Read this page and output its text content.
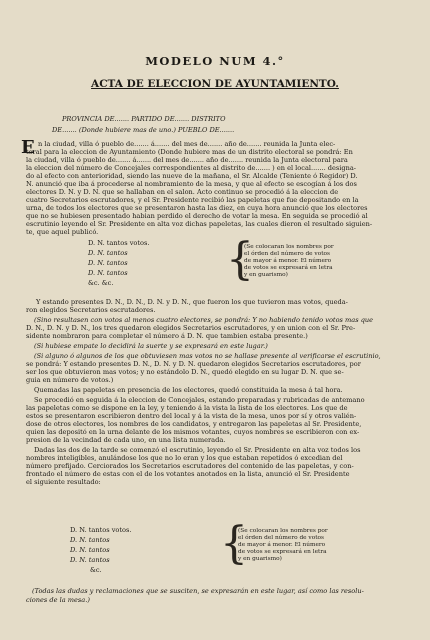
MODELO NUM 4.°
ACTA DE ELECCION DE AYUNTAMIENTO.
PROVINCIA DE....... PARTIDO DE....... DISTRITO
DE....... (Donde hubiere mas de uno.) PUEBLO DE.......
E n la ciudad, villa ó pueblo de....... á....... del mes de....... año de....... reunida la Junta elec-
toral para la eleccion de Ayuntamiento (Donde hubiere mas de un distrito electoral se pondrá: En
la ciudad, villa ó pueblo de....... á....... del mes de....... año de....... reunida la Junta electoral para
la eleccion del número de Concejales correspondientes al distrito de....... ) en el local....... designa-
do al efecto con anterioridad, siendo las nueve de la mañana, el Sr. Alcalde (Teniente ó Regidor) D.
N. anunció que iba á procederse al nombramiento de la mesa, y que al efecto se escogían á los dos
electores D. N. y D. N. que se hallaban en el salon. Acto continuo se procedió á la eleccion de
cuatro Secretarios escrutadores, y el Sr. Presidente recibió las papeletas que fue depositando en la
urna, de todos los electores que se presentaron hasta las diez, en cuya hora anunció que los electores
que no se hubiesen presentado habian perdido el derecho de votar la mesa. En seguida se procedió al
escrutinio leyendo el Sr. Presidente en alta voz dichas papeletas, las cuales dieron el resultado siguien-
te, que aquel publicó.
D. N. tantos votos.
D. N. tantos
D. N. tantos
D. N. tantos
&c. &c.	{
(Se colocaran los nombres por
el órden del número de votos
de mayor á menor. El número
de votos se expresará en letra
y en guarismo)
Y estando presentes D. N., D. N., D. N. y D. N., que fueron los que tuvieron mas votos, queda-
ron elegidos Secretarios escrutadores.
(Sino resultasen con votos al menos cuatro electores, se pondrá: Y no habiendo tenido votos mas que
D. N., D. N. y D. N., los tres quedaron elegidos Secretarios escrutadores, y en union con el Sr. Pre-
sidente nombraron para completar el número á D. N. que tambien estaba presente.)
(Si hubiese empate lo decidirá la suerte y se expresará en este lugar.)
(Si alguno ó algunos de los que obtuviesen mas votos no se hallase presente al verificarse el escrutinio,
se pondrá: Y estando presentes D. N., D. N. y D. N. quedaron elegidos Secretarios escrutadores, por
ser los que obtuvieron mas votos; y no estándolo D. N., quedó elegido en su lugar D. N. que se-
guia en número de votos.)
Quemadas las papeletas en presencia de los electores, quedó constituida la mesa á tal hora.
Se procedió en seguida á la eleccion de Concejales, estando preparadas y rubricadas de antemano
las papeletas como se dispone en la ley, y teniendo á la vista la lista de los electores. Los que de
estos se presentaron escribieron dentro del local y á la vista de la mesa, unos por sí y otros valién-
dose de otros electores, los nombres de los candidatos, y entregaron las papeletas al Sr. Presidente,
quien las depositó en la urna delante de los mismos votantes, cuyos nombres se escribieron con ex-
presion de la vecindad de cada uno, en una lista numerada.
Dadas las dos de la tarde se comenzó el escrutinio, leyendo el Sr. Presidente en alta voz todos los
nombres inteligibles, anulándose los que no lo eran y los que estaban repetidos ó excedian del
número prefijado. Cerciorados los Secretarios escrutadores del contenido de las papeletas, y con-
frontado el número de estas con el de los votantes anotados en la lista, anunció el Sr. Presidente
el siguiente resultado:
D. N. tantos votos.
D. N. tantos
D. N. tantos
D. N. tantos
&c.
{
(Se colocaran los nombres por
el órden del número de votos
de mayor á menor. El número
de votos se expresará en letra
y en guarismo)
(Todas las dudas y reclamaciones que se susciten, se expresarán en este lugar, así como las resolu-
ciones de la mesa.)
